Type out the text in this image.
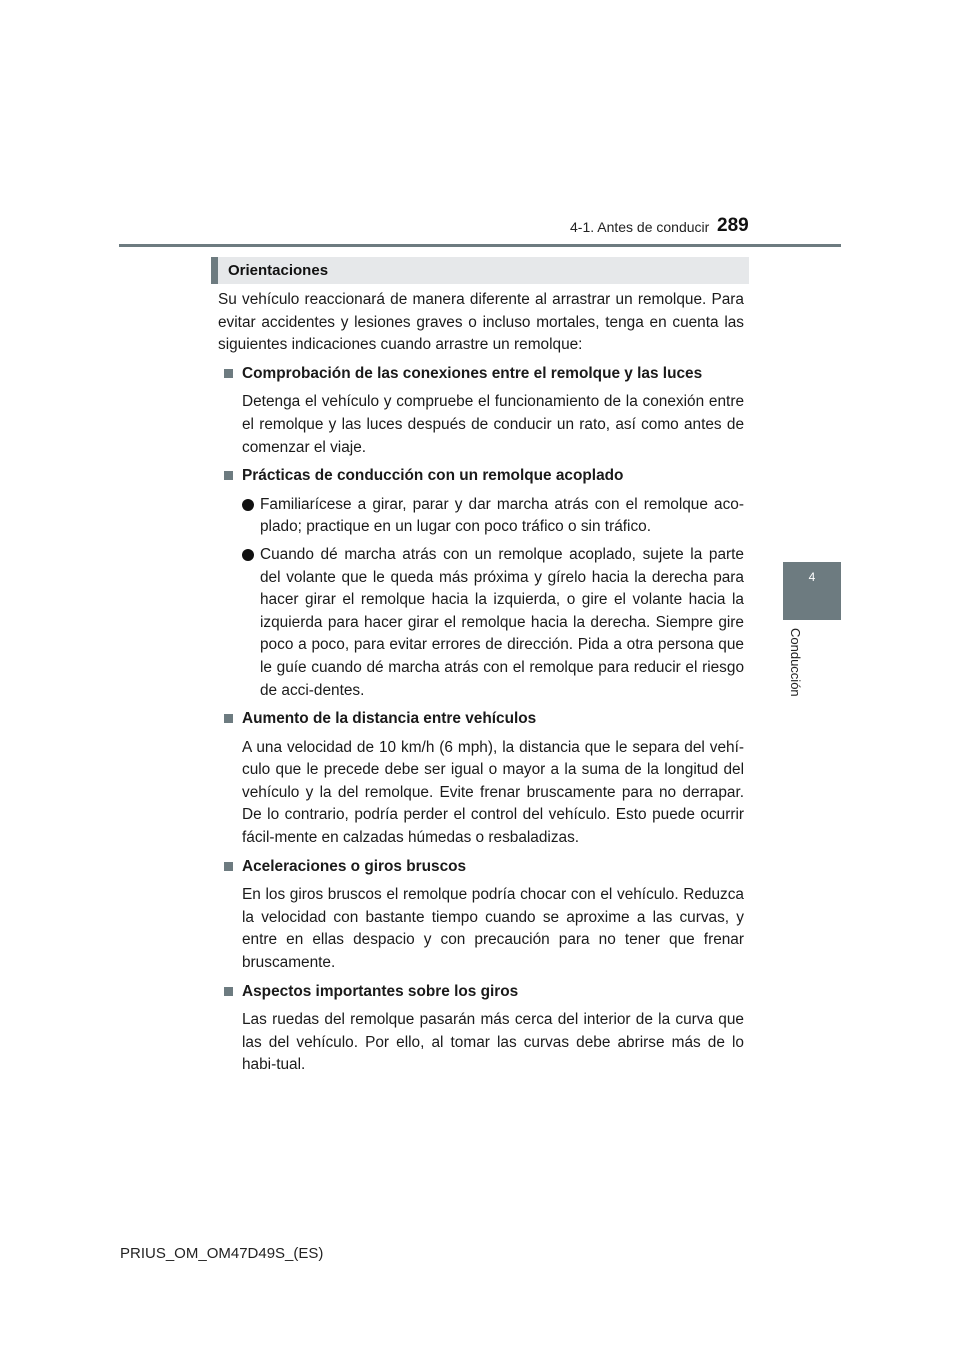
4-1. Antes de conducir 289
4
Conducción
Orientaciones

Su vehículo reaccionará de manera diferente al arrastrar un remolque. Para evitar accidentes y lesiones graves o incluso mortales, tenga en cuenta las siguientes indicaciones cuando arrastre un remolque:

Comprobación de las conexiones entre el remolque y las luces

Detenga el vehículo y compruebe el funcionamiento de la conexión entre el remolque y las luces después de conducir un rato, así como antes de comenzar el viaje.

Prácticas de conducción con un remolque acoplado

Familiarícese a girar, parar y dar marcha atrás con el remolque aco-plado; practique en un lugar con poco tráfico o sin tráfico.

Cuando dé marcha atrás con un remolque acoplado, sujete la parte del volante que le queda más próxima y gírelo hacia la derecha para hacer girar el remolque hacia la izquierda, o gire el volante hacia la izquierda para hacer girar el remolque hacia la derecha. Siempre gire poco a poco, para evitar errores de dirección. Pida a otra persona que le guíe cuando dé marcha atrás con el remolque para reducir el riesgo de acci-dentes.

Aumento de la distancia entre vehículos

A una velocidad de 10 km/h (6 mph), la distancia que le separa del vehí-culo que le precede debe ser igual o mayor a la suma de la longitud del vehículo y la del remolque. Evite frenar bruscamente para no derrapar. De lo contrario, podría perder el control del vehículo. Esto puede ocurrir fácil-mente en calzadas húmedas o resbaladizas.

Aceleraciones o giros bruscos

En los giros bruscos el remolque podría chocar con el vehículo. Reduzca la velocidad con bastante tiempo cuando se aproxime a las curvas, y entre en ellas despacio y con precaución para no tener que frenar bruscamente.

Aspectos importantes sobre los giros

Las ruedas del remolque pasarán más cerca del interior de la curva que las del vehículo. Por ello, al tomar las curvas debe abrirse más de lo habi-tual.

PRIUS_OM_OM47D49S_(ES)
